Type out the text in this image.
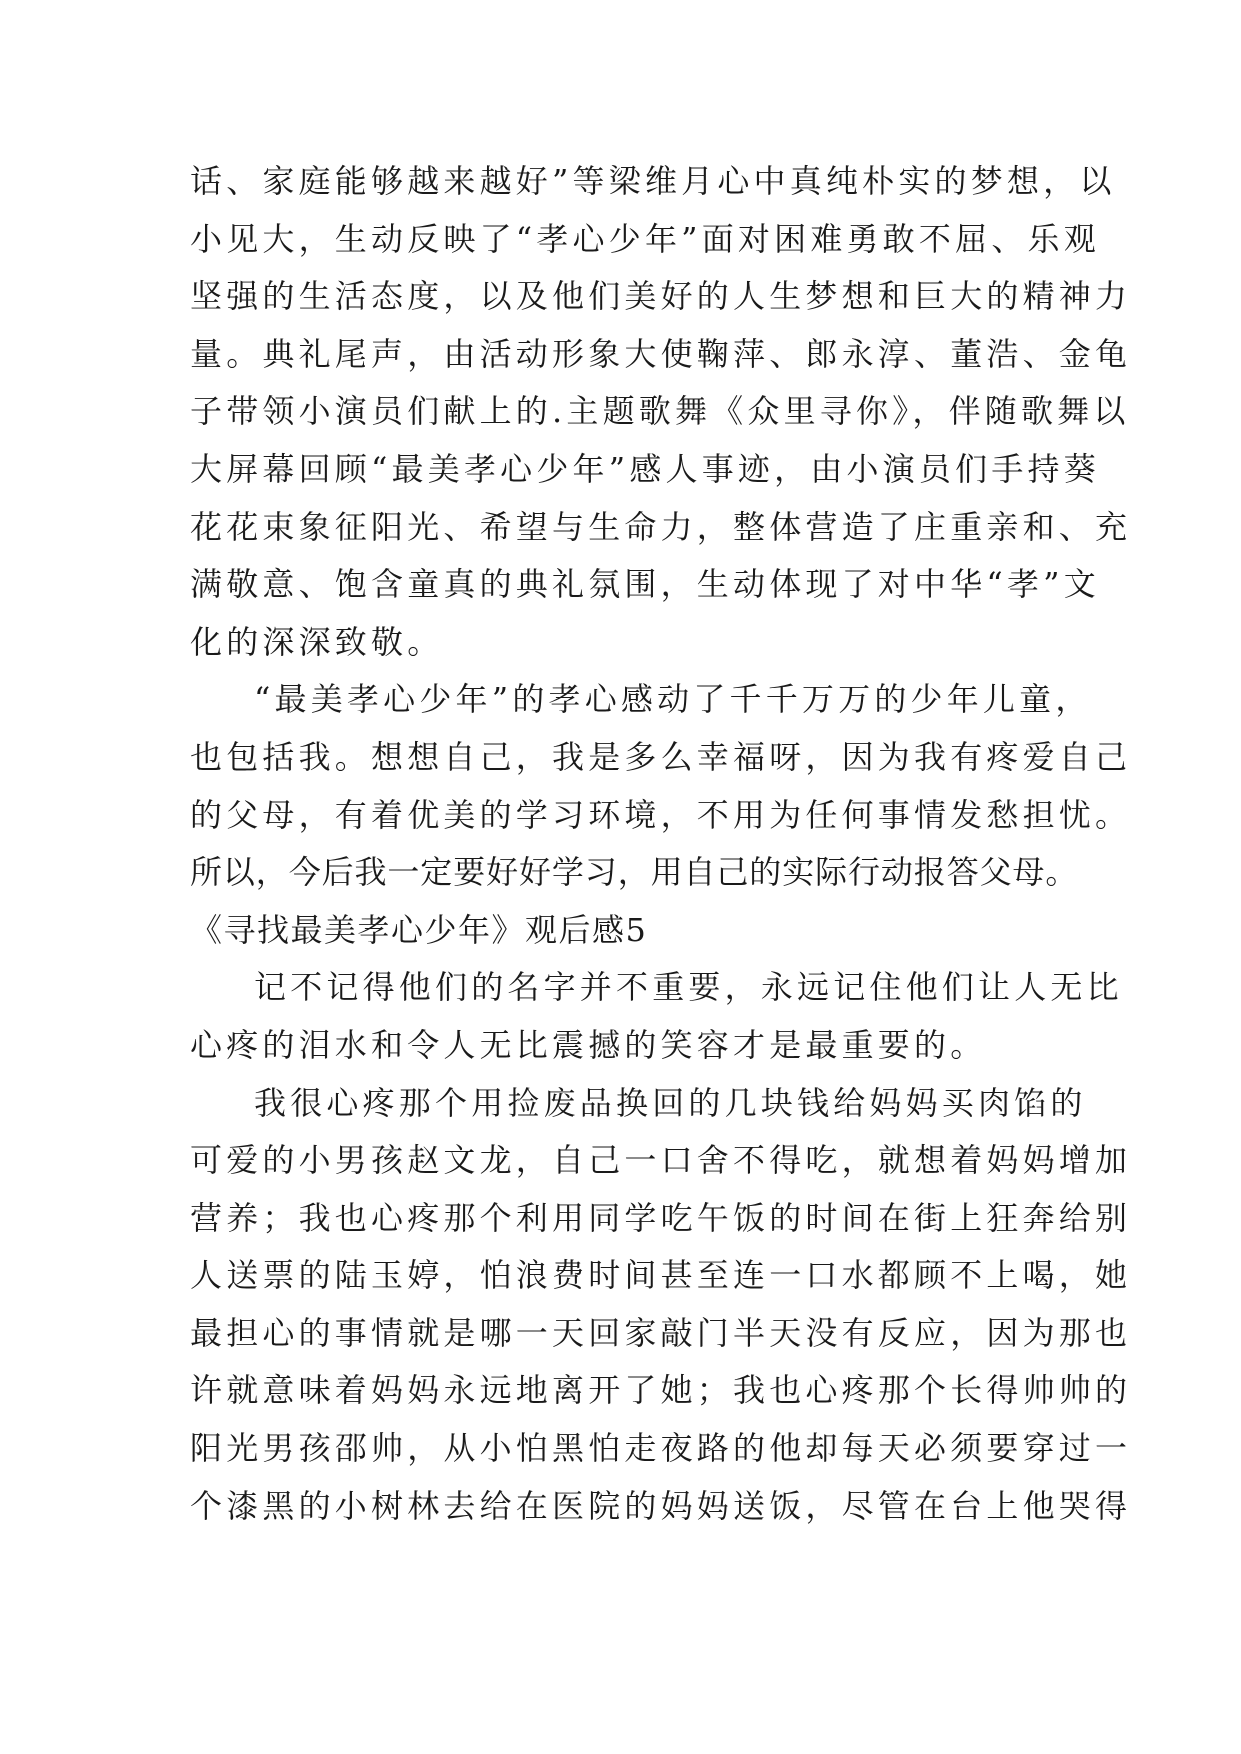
话、家庭能够越来越好”等梁维月心中真纯朴实的梦想，以
小见大，生动反映了“孝心少年”面对困难勇敢不屈、乐观
坚强的生活态度，以及他们美好的人生梦想和巨大的精神力
量。典礼尾声，由活动形象大使鞠萍、郎永淳、董浩、金龟
子带领小演员们献上的.主题歌舞《众里寻你》，伴随歌舞以
大屏幕回顾“最美孝心少年”感人事迹，由小演员们手持葵
花花束象征阳光、希望与生命力，整体营造了庄重亲和、充
满敬意、饱含童真的典礼氛围，生动体现了对中华“孝”文
化的深深致敬。
“最美孝心少年”的孝心感动了千千万万的少年儿童，
也包括我。想想自己，我是多么幸福呀，因为我有疼爱自己
的父母，有着优美的学习环境，不用为任何事情发愁担忧。
所以，今后我一定要好好学习，用自己的实际行动报答父母。
《寻找最美孝心少年》观后感5
记不记得他们的名字并不重要，永远记住他们让人无比
心疼的泪水和令人无比震撼的笑容才是最重要的。
我很心疼那个用捡废品换回的几块钱给妈妈买肉馅的
可爱的小男孩赵文龙，自己一口舍不得吃，就想着妈妈增加
营养；我也心疼那个利用同学吃午饭的时间在街上狂奔给别
人送票的陆玉婷，怕浪费时间甚至连一口水都顾不上喝，她
最担心的事情就是哪一天回家敲门半天没有反应，因为那也
许就意味着妈妈永远地离开了她；我也心疼那个长得帅帅的
阳光男孩邵帅，从小怕黑怕走夜路的他却每天必须要穿过一
个漆黑的小树林去给在医院的妈妈送饭，尽管在台上他哭得
